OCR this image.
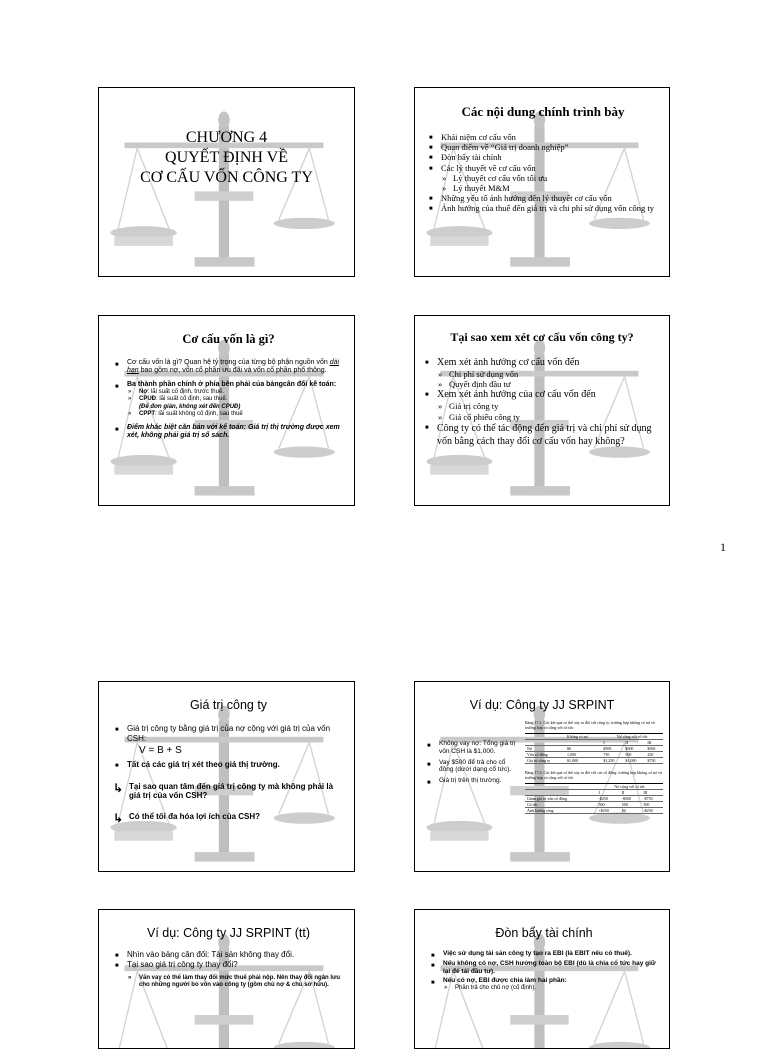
CHƯƠNG 4
QUYẾT ĐỊNH VỀ
CƠ CẤU VỐN CÔNG TY
Các nội dung chính trình bày
■ Khái niệm cơ cấu vốn
■ Quan điểm về “Giá trị doanh nghiệp”
■ Đòn bẩy tài chính
■ Các lý thuyết về cơ cấu vốn
» Lý thuyết cơ cấu vốn tối ưu
» Lý thuyết M&M
■ Những yếu tố ảnh hưởng đến lý thuyết cơ cấu vốn
■ Ảnh hưởng của thuế đến giá trị và chi phí sử dụng vốn công ty
Cơ cấu vốn là gì?
■ Cơ cấu vốn là gì? Quan hệ tỷ trọng của từng bộ phận nguồn vốn dài hạn bao gồm nợ, vốn cổ phần ưu đãi và vốn cổ phần phổ thông.
■ Ba thành phần chính ở phía bên phải của bảngcân đối kế toán:
» Nợ: lãi suất cố định, trước thuế.
» CPUĐ: lãi suất cố định, sau thuế.
(Để đơn giản, không xét đến CPUĐ)
» CPPT: lãi suất không cố định, sau thuế
■ Điểm khác biệt căn bản với kế toán: Giá trị thị trường được xem xét, không phải giá trị sổ sách.
Tại sao xem xét cơ cấu vốn công ty?
■ Xem xét ảnh hưởng cơ cấu vốn đến
» Chi phí sử dụng vốn
» Quyết định đầu tư
■ Xem xét ảnh hưởng của cơ cấu vốn đến
» Giá trị công ty
» Giá cổ phiếu công ty
■ Công ty có thể tác động đến giá trị và chi phí sử dụng vốn bằng cách thay đổi cơ cấu vốn hay không?
1
Giá trị công ty
■ Giá trị công ty bằng giá trị của nợ cộng với giá trị của vốn CSH:
V = B + S
■ Tất cả các giá trị xét theo giá thị trường.
↳ Tại sao quan tâm đến giá trị công ty mà không phải là giá trị của vốn CSH?
↳ Có thể tối đa hóa lợi ích của CSH?
Ví dụ: Công ty JJ SRPINT
■ Không vay nợ: Tổng giá trị vốn CSH là $1,000.
■ Vay $500 để trả cho cổ đông (dưới dạng cổ tức).
■ Giá trị trên thị trường.
Bảng 17.1. Các kết quả có thể xảy ra đối với công ty: trường hợp không có nợ và trường hợp có cộng với cổ tức
	Không có nợ	Nợ cộng với cổ tức		
		I	II	III
Nợ	$0	$500	$500	$500
Vốn cổ đông	1,000	750	500	250
Giá trị công ty	$1,000	$1,250	$1,000	$750
Bảng 17.2. Các kết quả có thể xảy ra đối với các cổ đông: trường hợp không có nợ và trường hợp có cộng với cổ tức
	Nợ cộng với cổ tức		
	I	II	III
Giảm giá trị vốn cổ đông	-$250	-$500	-$750
Cổ tức	500	500	500
Ảnh hưởng ròng	+$250	$0	-$250
Ví dụ: Công ty JJ SRPINT (tt)
■ Nhìn vào bảng cân đối: Tài sản không thay đổi.
■ Tại sao giá trị công ty thay đổi?
» Vấn vay có thể làm thay đổi mức thuế phải nộp. Nên thay đổi ngân lưu cho những người bỏ vốn vào công ty (gồm chủ nợ & chủ sở hữu).
Đòn bẩy tài chính
■ Việc sử dụng tài sản công ty tạo ra EBI (là EBIT nếu có thuế).
■ Nếu không có nợ, CSH hưởng toàn bộ EBI (dù là chia cổ tức hay giữ lại để tái đầu tư).
■ Nếu có nợ, EBI được chia làm hai phần:
» Phần trả cho chủ nợ (cố định).
